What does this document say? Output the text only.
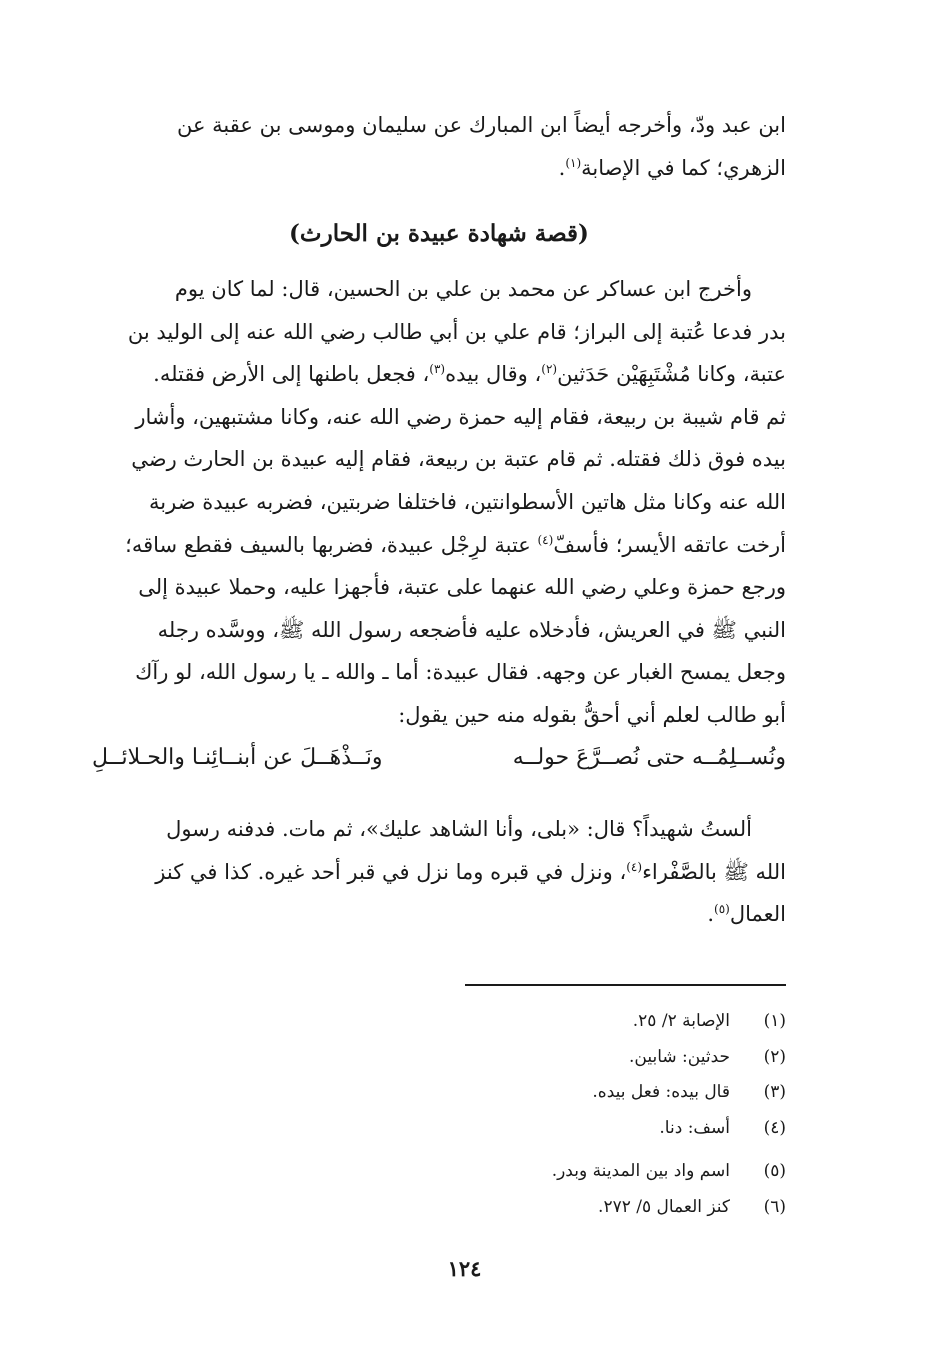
ابن عبد ودّ، وأخرجه أيضاً ابن المبارك عن سليمان وموسى بن عقبة عن
الزهري؛ كما في الإصابة$^{(١)}$.
(قصة شهادة عبيدة بن الحارث)
وأخرج ابن عساكر عن محمد بن علي بن الحسين، قال: لما كان يوم
بدر فدعا عُتبة إلى البراز؛ قام علي بن أبي طالب رضي الله عنه إلى الوليد بن
عتبة، وكانا مُشْتَبِهَيْن حَدَثين$^{(٢)}$، وقال بيده$^{(٣)}$، فجعل باطنها إلى الأرض فقتله.
ثم قام شيبة بن ربيعة، فقام إليه حمزة رضي الله عنه، وكانا مشتبهين، وأشار
بيده فوق ذلك فقتله. ثم قام عتبة بن ربيعة، فقام إليه عبيدة بن الحارث رضي
الله عنه وكانا مثل هاتين الأسطوانتين، فاختلفا ضربتين، فضربه عبيدة ضربة
أرخت عاتقه الأيسر؛ فأسفّ$^{(٤)}$ عتبة لرِجْل عبيدة، فضربها بالسيف فقطع ساقه؛
ورجع حمزة وعلي رضي الله عنهما على عتبة، فأجهزا عليه، وحملا عبيدة إلى
النبي ﷺ في العريش، فأدخلاه عليه فأضجعه رسول الله ﷺ، ووسَّده رجله
وجعل يمسح الغبار عن وجهه. فقال عبيدة: أما ـ والله ـ يا رسول الله، لو رآك
أبو طالب لعلم أني أحقُّ بقوله منه حين يقول:
ونُســلِمُــه حتى نُصــرَّعَ حولــه
ونَــذْهَــلَ عن أبنــائِنـا والحـلائــلِ
ألستُ شهيداً؟ قال: «بلى، وأنا الشاهد عليك»، ثم مات. فدفنه رسول
الله ﷺ بالصَّفْراء$^{(٤)}$، ونزل في قبره وما نزل في قبر أحد غيره. كذا في كنز
العمال$^{(٥)}$.
(١)
الإصابة ٢/ ٢٥.
(٢)
حدثين: شابين.
(٣)
قال بيده: فعل بيده.
(٤)
أسف: دنا.
(٥)
اسم واد بين المدينة وبدر.
(٦)
كنز العمال ٥/ ٢٧٢.
١٢٤
